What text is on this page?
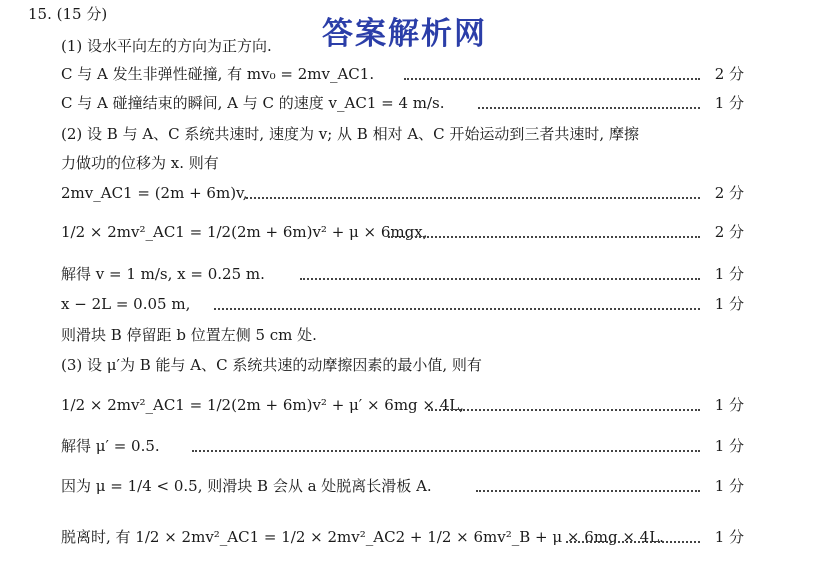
答案解析网
15. (15 分)
(1) 设水平向左的方向为正方向.
C 与 A 发生非弹性碰撞, 有 mv₀ = 2mv_AC1.	2 分
C 与 A 碰撞结束的瞬间, A 与 C 的速度 v_AC1 = 4 m/s.	1 分
(2) 设 B 与 A、C 系统共速时, 速度为 v; 从 B 相对 A、C 开始运动到三者共速时, 摩擦
力做功的位移为 x. 则有
2mv_AC1 = (2m + 6m)v,	2 分
1/2 × 2mv²_AC1 = 1/2(2m + 6m)v² + μ × 6mgx,	2 分
解得 v = 1 m/s, x = 0.25 m.	1 分
x − 2L = 0.05 m,	1 分
则滑块 B 停留距 b 位置左侧 5 cm 处.
(3) 设 μ′为 B 能与 A、C 系统共速的动摩擦因素的最小值, 则有
1/2 × 2mv²_AC1 = 1/2(2m + 6m)v² + μ′ × 6mg × 4L,	1 分
解得 μ′ = 0.5.	1 分
因为 μ = 1/4 < 0.5, 则滑块 B 会从 a 处脱离长滑板 A.	1 分
脱离时, 有 1/2 × 2mv²_AC1 = 1/2 × 2mv²_AC2 + 1/2 × 6mv²_B + μ × 6mg × 4L.	1 分
